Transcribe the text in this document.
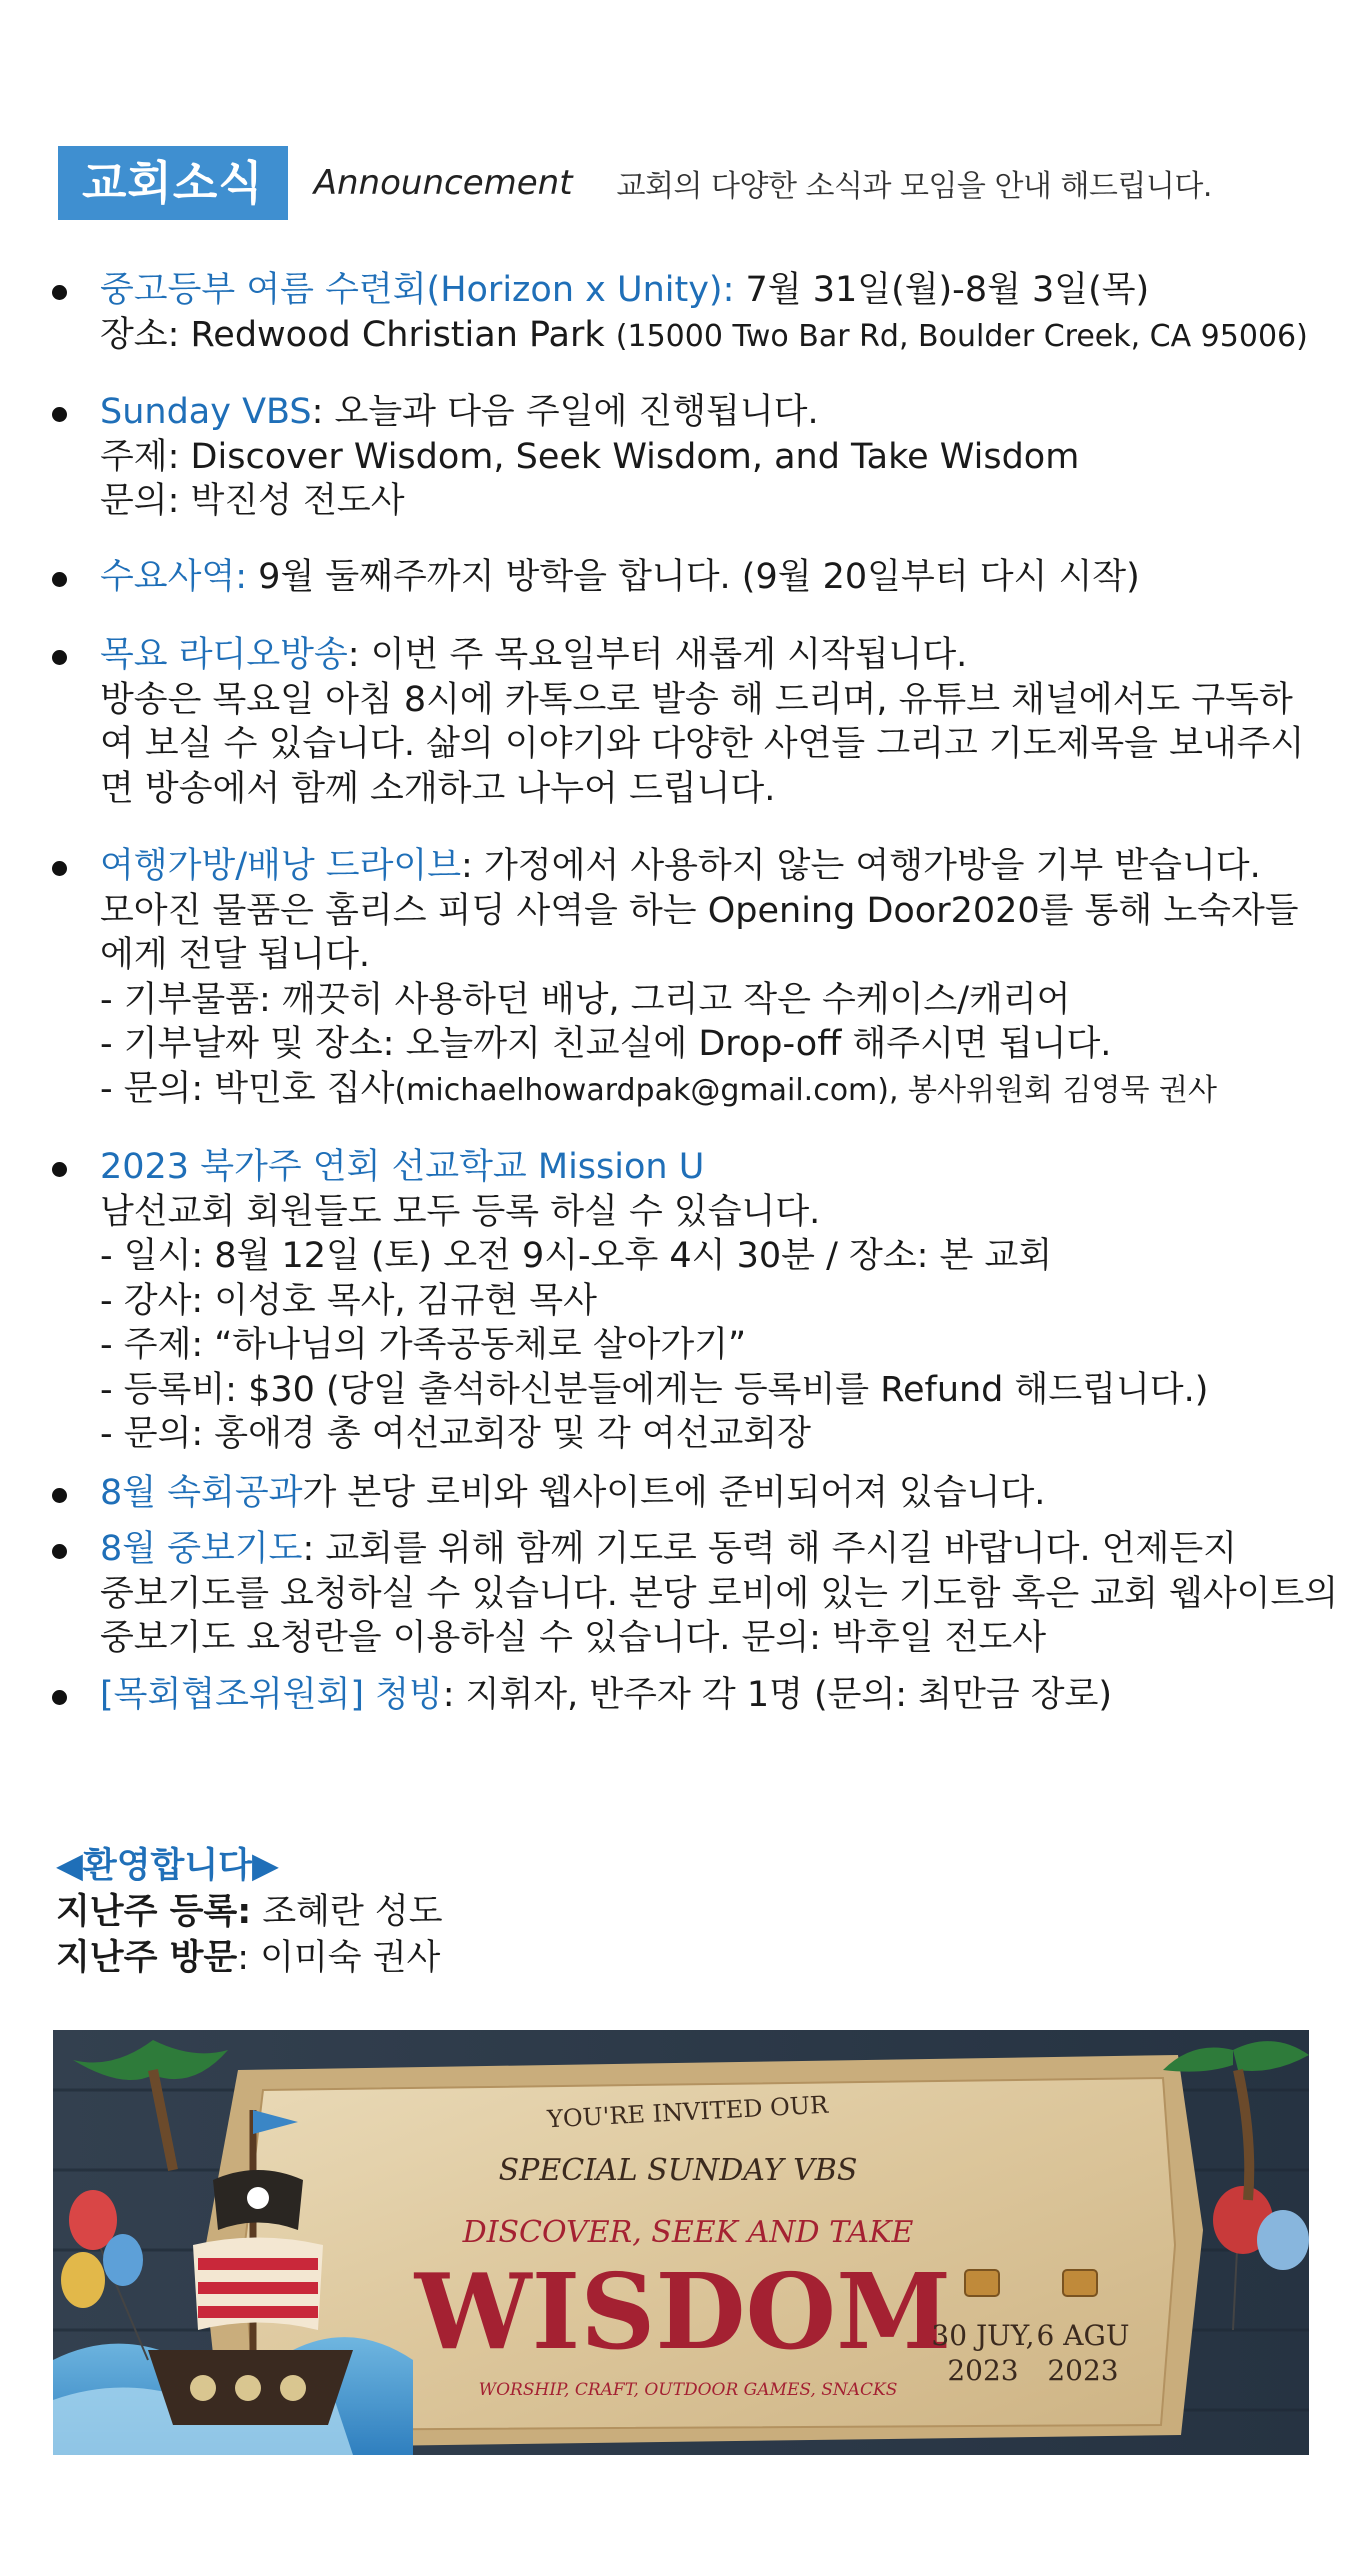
교회소식	Announcement 교회의 다양한 소식과 모임을 안내 해드립니다.
중고등부 여름 수련회(Horizon x Unity): 7월 31일(월)-8월 3일(목)
장소: Redwood Christian Park (15000 Two Bar Rd, Boulder Creek, CA 95006)
Sunday VBS: 오늘과 다음 주일에 진행됩니다.
주제: Discover Wisdom, Seek Wisdom, and Take Wisdom
문의: 박진성 전도사
수요사역: 9월 둘째주까지 방학을 합니다. (9월 20일부터 다시 시작)
목요 라디오방송: 이번 주 목요일부터 새롭게 시작됩니다.
방송은 목요일 아침 8시에 카톡으로 발송 해 드리며, 유튜브 채널에서도 구독하
여 보실 수 있습니다. 삶의 이야기와 다양한 사연들 그리고 기도제목을 보내주시
면 방송에서 함께 소개하고 나누어 드립니다.
여행가방/배낭 드라이브: 가정에서 사용하지 않는 여행가방을 기부 받습니다.
모아진 물품은 홈리스 피딩 사역을 하는 Opening Door2020를 통해 노숙자들
에게 전달 됩니다.
- 기부물품: 깨끗히 사용하던 배낭, 그리고 작은 수케이스/캐리어
- 기부날짜 및 장소: 오늘까지 친교실에 Drop-off 해주시면 됩니다.
- 문의: 박민호 집사(michaelhowardpak@gmail.com), 봉사위원회 김영묵 권사
2023 북가주 연회 선교학교 Mission U
남선교회 회원들도 모두 등록 하실 수 있습니다.
- 일시: 8월 12일 (토) 오전 9시-오후 4시 30분 / 장소: 본 교회
- 강사: 이성호 목사, 김규현 목사
- 주제: “하나님의 가족공동체로 살아가기”
- 등록비: $30 (당일 출석하신분들에게는 등록비를 Refund 해드립니다.)
- 문의: 홍애경 총 여선교회장 및 각 여선교회장
8월 속회공과가 본당 로비와 웹사이트에 준비되어져 있습니다.
8월 중보기도: 교회를 위해 함께 기도로 동력 해 주시길 바랍니다. 언제든지
중보기도를 요청하실 수 있습니다. 본당 로비에 있는 기도함 혹은 교회 웹사이트의
중보기도 요청란을 이용하실 수 있습니다. 문의: 박후일 전도사
[목회협조위원회] 청빙: 지휘자, 반주자 각 1명 (문의: 최만금 장로)
◀환영합니다▶
지난주 등록: 조혜란 성도
지난주 방문: 이미숙 권사
YOU'RE INVITED OUR
SPECIAL SUNDAY VBS
DISCOVER, SEEK AND TAKE
WISDOM
WORSHIP, CRAFT, OUTDOOR GAMES, SNACKS
30 JUY,
2023
6 AGU
2023
